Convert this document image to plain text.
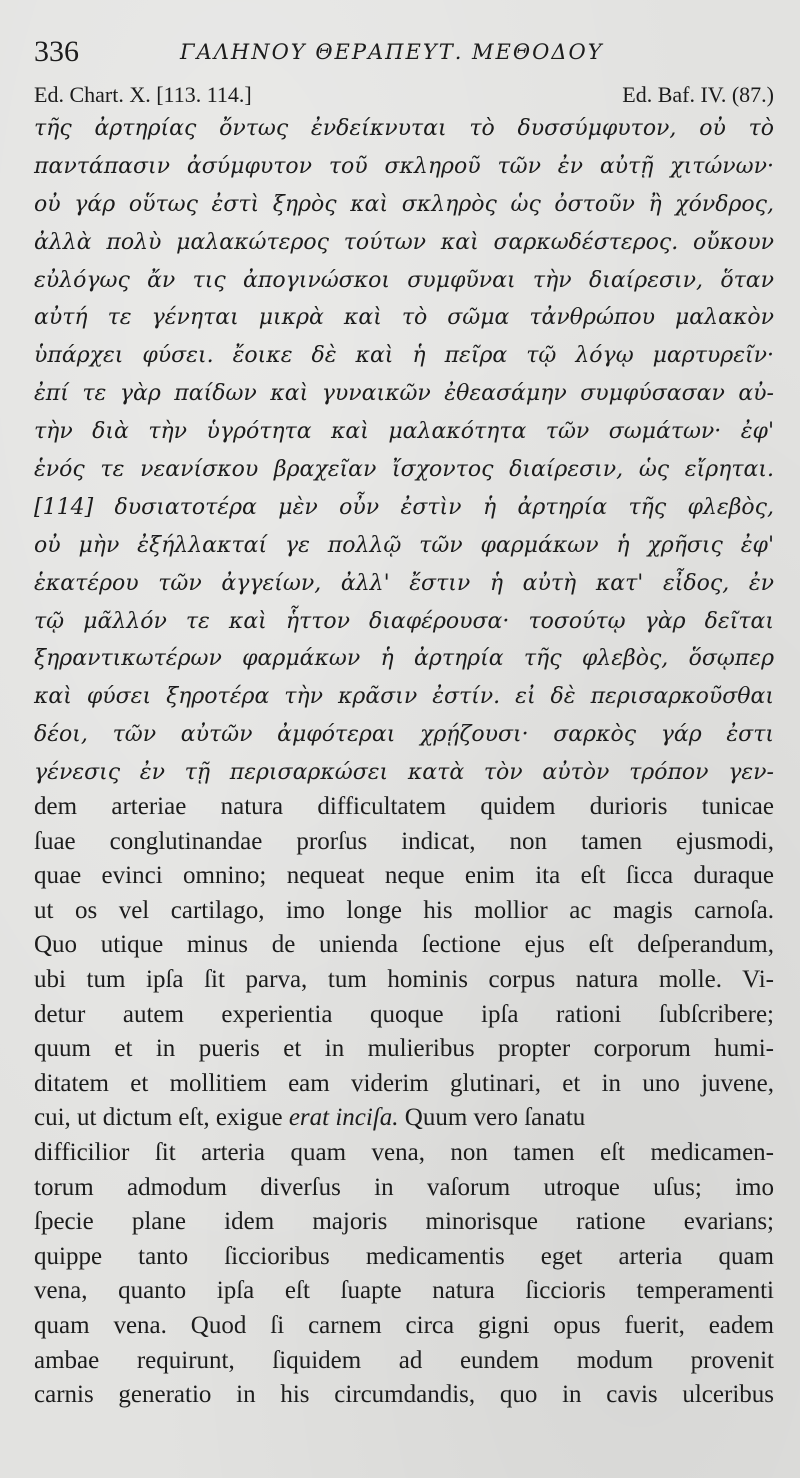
336	ΓΑΛΗΝΟΥ ΘΕΡΑΠΕΥΤ. ΜΕΘΟΔΟΥ
Ed. Chart. X. [113. 114.]	Ed. Baf. IV. (87.)
τῆς ἀρτηρίας ὄντως ἐνδείκνυται τὸ δυσσύμφυτον, οὐ τὸ
παντάπασιν ἀσύμφυτον τοῦ σκληροῦ τῶν ἐν αὐτῇ χιτώνων·
οὐ γάρ οὕτως ἐστὶ ξηρὸς καὶ σκληρὸς ὡς ὀστοῦν ἢ χόνδρος,
ἀλλὰ πολὺ μαλακώτερος τούτων καὶ σαρκωδέστερος. οὔκουν
εὐλόγως ἄν τις ἀπογινώσκοι συμφῦναι τὴν διαίρεσιν, ὅταν
αὐτή τε γένηται μικρὰ καὶ τὸ σῶμα τἀνθρώπου μαλακὸν
ὑπάρχει φύσει. ἔοικε δὲ καὶ ἡ πεῖρα τῷ λόγῳ μαρτυρεῖν·
ἐπί τε γὰρ παίδων καὶ γυναικῶν ἐθεασάμην συμφύσασαν αὐ-
τὴν διὰ τὴν ὑγρότητα καὶ μαλακότητα τῶν σωμάτων· ἐφ'
ἑνός τε νεανίσκου βραχεῖαν ἴσχοντος διαίρεσιν, ὡς εἴρηται.
[114] δυσιατοτέρα μὲν οὖν ἐστὶν ἡ ἀρτηρία τῆς φλεβὸς,
οὐ μὴν ἐξήλλακταί γε πολλῷ τῶν φαρμάκων ἡ χρῆσις ἐφ'
ἑκατέρου τῶν ἀγγείων, ἀλλ' ἔστιν ἡ αὐτὴ κατ' εἶδος, ἐν
τῷ μᾶλλόν τε καὶ ἧττον διαφέρουσα· τοσούτῳ γὰρ δεῖται
ξηραντικωτέρων φαρμάκων ἡ ἀρτηρία τῆς φλεβὸς, ὅσῳπερ
καὶ φύσει ξηροτέρα τὴν κρᾶσιν ἐστίν. εἰ δὲ περισαρκοῦσθαι
δέοι, τῶν αὐτῶν ἀμφότεραι χρῄζουσι· σαρκὸς γάρ ἐστι
γένεσις ἐν τῇ περισαρκώσει κατὰ τὸν αὐτὸν τρόπον γεν-
dem arteriae natura difficultatem quidem durioris tunicae
ſuae conglutinandae prorſus indicat, non tamen ejusmodi,
quae evinci omnino; nequeat neque enim ita eſt ſicca duraque
ut os vel cartilago, imo longe his mollior ac magis carnoſa.
Quo utique minus de unienda ſectione ejus eſt deſperandum,
ubi tum ipſa ſit parva, tum hominis corpus natura molle. Vi-
detur autem experientia quoque ipſa rationi ſubſcribere;
quum et in pueris et in mulieribus propter corporum humi-
ditatem et mollitiem eam viderim glutinari, et in uno juvene,
cui, ut dictum eſt, exigue erat inciſa. Quum vero ſanatu
difficilior ſit arteria quam vena, non tamen eſt medicamen-
torum admodum diverſus in vaſorum utroque uſus; imo
ſpecie plane idem majoris minorisque ratione evarians;
quippe tanto ſiccioribus medicamentis eget arteria quam
vena, quanto ipſa eſt ſuapte natura ſiccioris temperamenti
quam vena. Quod ſi carnem circa gigni opus fuerit, eadem
ambae requirunt, ſiquidem ad eundem modum provenit
carnis generatio in his circumdandis, quo in cavis ulceribus
